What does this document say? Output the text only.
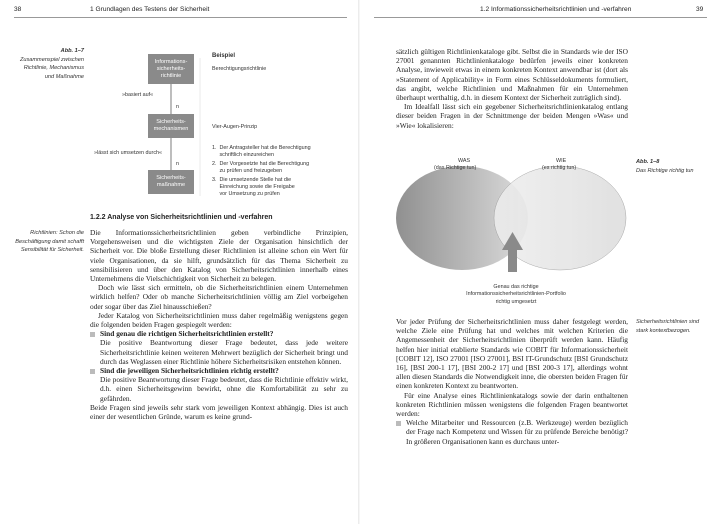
38	1 Grundlagen des Testens der Sicherheit
Abb. 1–7
Zusammenspiel zwischen Richtlinie, Mechanismus und Maßnahme
Informations-
sicherheits-
richtlinie
Sicherheits-
mechanismen
Sicherheits-
maßnahme
n
n
»basiert auf«
»lässt sich umsetzen durch«
Beispiel
Berechtigungsrichtlinie
Vier-Augen-Prinzip
1.  Der Antragsteller hat die Berechtigung
schriftlich einzureichen
2.  Der Vorgesetzte hat die Berechtigung
zu prüfen und freizugeben
3.  Die umsetzende Stelle hat die
Einreichung sowie die Freigabe
vor Umsetzung zu prüfen
1.2.2 Analyse von Sicherheitsrichtlinien und -verfahren
Richtlinien: Schon die Beschäftigung damit schafft Sensibilität für Sicherheit.

Die Informationssicherheitsrichtlinien geben verbindliche Prinzipien, Vorgehensweisen und die wichtigsten Ziele der Organisation hinsichtlich der Sicherheit vor. Die bloße Erstellung dieser Richtlinien ist alleine schon ein Wert für viele Organisationen, da sie hilft, grundsätzlich für das Thema Sicherheit zu sensibilisieren und über den Katalog von Sicherheitsrichtlinien innerhalb eines Unternehmens die Vielschichtigkeit von Sicherheit zu belegen.

Doch wie lässt sich ermitteln, ob die Sicherheitsrichtlinien einem Unternehmen wirklich helfen? Oder ob manche Sicherheitsrichtlinien völlig am Ziel vorbeigehen oder sogar über das Ziel hinausschießen?

Jeder Katalog von Sicherheitsrichtlinien muss daher regelmäßig wenigstens gegen die folgenden beiden Fragen gespiegelt werden:

Sind genau die richtigen Sicherheitsrichtlinien erstellt?
Die positive Beantwortung dieser Frage bedeutet, dass jede weitere Sicherheitsrichtlinie keinen weiteren Mehrwert bezüglich der Sicherheit bringt und durch das Weglassen einer Richtlinie höhere Sicherheitsrisiken entstehen können.
Sind die jeweiligen Sicherheitsrichtlinien richtig erstellt?
Die positive Beantwortung dieser Frage bedeutet, dass die Richtlinie effektiv wirkt, d.h. einen Sicherheitsgewinn bewirkt, ohne die Komfortabilität zu sehr zu gefährden.

Beide Fragen sind jeweils sehr stark vom jeweiligen Kontext abhängig. Dies ist auch einer der wesentlichen Gründe, warum es keine grund-

1.2 Informationssicherheitsrichtlinien und -verfahren	39

sätzlich gültigen Richtlinienkataloge gibt. Selbst die in Standards wie der ISO 27001 genannten Richtlinienkataloge bedürfen jeweils einer konkreten Analyse, inwieweit etwas in einem konkreten Kontext anwendbar ist (dort als »Statement of Applicability« in Form eines Schlüsseldokuments formuliert, das angibt, welche Richtlinien und Maßnahmen für ein Unternehmen überhaupt werthaltig, d.h. in diesem Kontext der Sicherheit zuträglich sind).

Im Idealfall lässt sich ein gegebener Sicherheitsrichtlinienkatalog entlang dieser beiden Fragen in der Schnittmenge der beiden Mengen »Was« und »Wie« lokalisieren:

Abb. 1–8
Das Richtige richtig tun
WAS
(das Richtige tun)
WIE
(es richtig tun)
Genau das richtige
Informationssicherheitsrichtlinien-Portfolio
richtig umgesetzt
Sicherheitsrichtlinien sind stark kontextbezogen.

Vor jeder Prüfung der Sicherheitsrichtlinien muss daher festgelegt werden, welche Ziele eine Prüfung hat und welches mit welchen Kriterien die Angemessenheit der Sicherheitsrichtlinien überprüft werden kann. Häufig helfen hier initial etablierte Standards wie COBIT für Informationssicherheit [COBIT 12], ISO 27001 [ISO 27001], BSI IT-Grundschutz [BSI Grundschutz 16], [BSI 200-1 17], [BSI 200-2 17] und [BSI 200-3 17], allerdings wohnt allen diesen Standards die Notwendigkeit inne, die obersten beiden Fragen für einen konkreten Kontext zu beantworten.

Für eine Analyse eines Richtlinienkatalogs sowie der darin enthaltenen konkreten Richtlinien müssen wenigstens die folgenden Fragen beantwortet werden:

Welche Mitarbeiter und Ressourcen (z.B. Werkzeuge) werden bezüglich der Frage nach Kompetenz und Wissen für zu prüfende Bereiche benötigt? In größeren Organisationen kann es durchaus unter-
